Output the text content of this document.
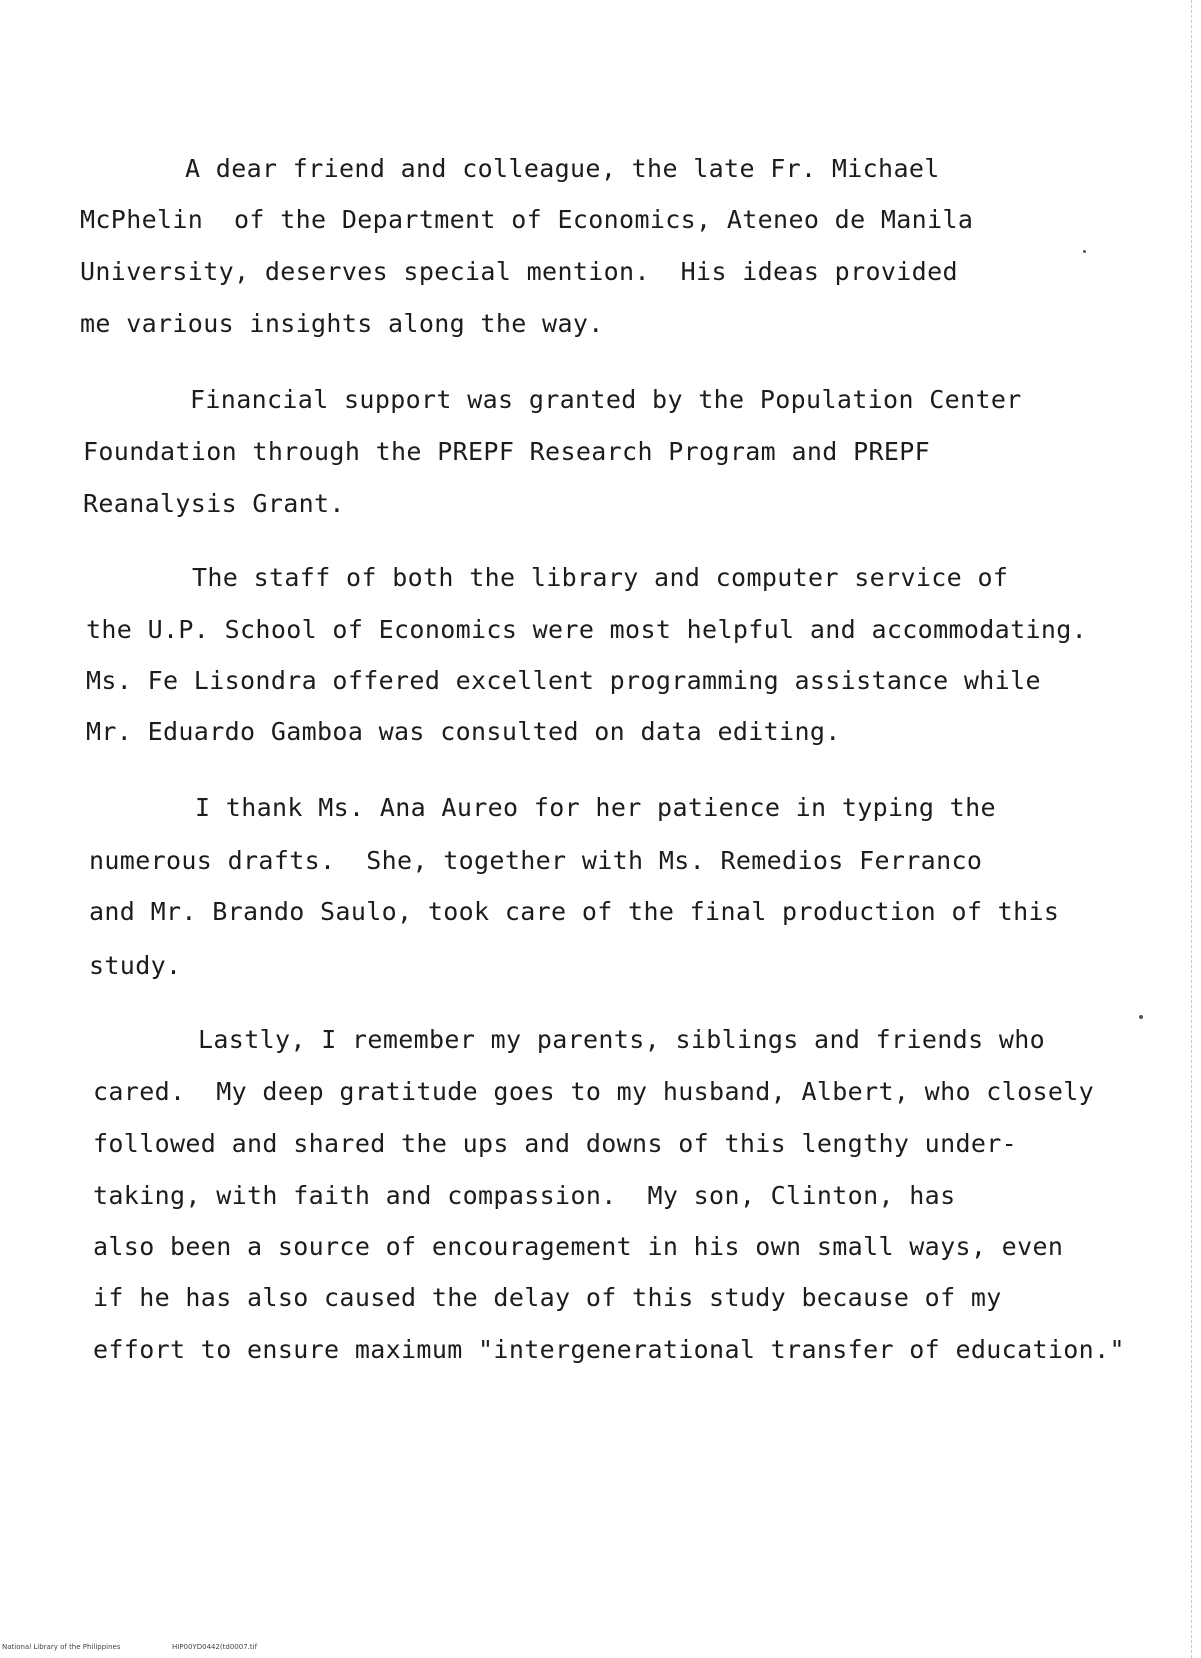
A dear friend and colleague, the late Fr. Michael
McPhelin  of the Department of Economics, Ateneo de Manila
University, deserves special mention.  His ideas provided
me various insights along the way.
Financial support was granted by the Population Center
Foundation through the PREPF Research Program and PREPF
Reanalysis Grant.
The staff of both the library and computer service of
the U.P. School of Economics were most helpful and accommodating.
Ms. Fe Lisondra offered excellent programming assistance while
Mr. Eduardo Gamboa was consulted on data editing.
I thank Ms. Ana Aureo for her patience in typing the
numerous drafts.  She, together with Ms. Remedios Ferranco
and Mr. Brando Saulo, took care of the final production of this
study.
Lastly, I remember my parents, siblings and friends who
cared.  My deep gratitude goes to my husband, Albert, who closely
followed and shared the ups and downs of this lengthy under-
taking, with faith and compassion.  My son, Clinton, has
also been a source of encouragement in his own small ways, even
if he has also caused the delay of this study because of my
effort to ensure maximum "intergenerational transfer of education."
National Library of the Philippines	HIP00YD0442(td0007.tif
